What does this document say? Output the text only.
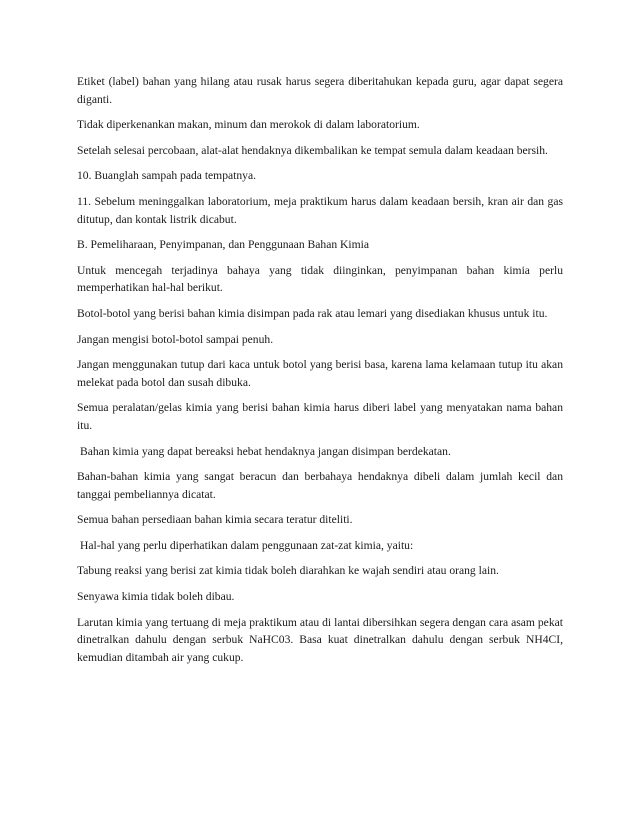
Etiket (label) bahan yang hilang atau rusak harus segera diberitahukan kepada guru, agar dapat segera diganti.

Tidak diperkenankan makan, minum dan merokok di dalam laboratorium.

Setelah selesai percobaan, alat-alat hendaknya dikembalikan ke tempat semula dalam keadaan bersih.

10. Buanglah sampah pada tempatnya.

11. Sebelum meninggalkan laboratorium, meja praktikum harus dalam keadaan bersih, kran air dan gas ditutup, dan kontak listrik dicabut.

B. Pemeliharaan, Penyimpanan, dan Penggunaan Bahan Kimia

Untuk mencegah terjadinya bahaya yang tidak diinginkan, penyimpanan bahan kimia perlu memperhatikan hal-hal berikut.

Botol-botol yang berisi bahan kimia disimpan pada rak atau lemari yang disediakan khusus untuk itu.

Jangan mengisi botol-botol sampai penuh.

Jangan menggunakan tutup dari kaca untuk botol yang berisi basa, karena lama kelamaan tutup itu akan melekat pada botol dan susah dibuka.

Semua peralatan/gelas kimia yang berisi bahan kimia harus diberi label yang menyatakan nama bahan itu.

Bahan kimia yang dapat bereaksi hebat hendaknya jangan disimpan berdekatan.

Bahan-bahan kimia yang sangat beracun dan berbahaya hendaknya dibeli dalam jumlah kecil dan tanggai pembeliannya dicatat.

Semua bahan persediaan bahan kimia secara teratur diteliti.

Hal-hal yang perlu diperhatikan dalam penggunaan zat-zat kimia, yaitu:

Tabung reaksi yang berisi zat kimia tidak boleh diarahkan ke wajah sendiri atau orang lain.

Senyawa kimia tidak boleh dibau.

Larutan kimia yang tertuang di meja praktikum atau di lantai dibersihkan segera dengan cara asam pekat dinetralkan dahulu dengan serbuk NaHC03. Basa kuat dinetralkan dahulu dengan serbuk NH4CI, kemudian ditambah air yang cukup.
